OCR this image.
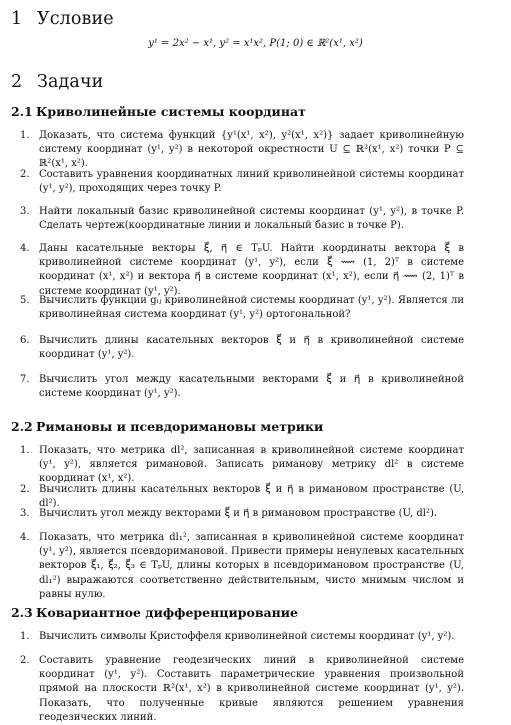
1 Условие
y¹ = 2x² − x¹, y² = x¹x², P(1; 0) ∈ ℝ²(x¹, x²)
2 Задачи
2.1 Криволинейные системы координат
1. Доказать, что система функций {y¹(x¹, x²), y²(x¹, x²)} задает криволинейную систему координат (y¹, y²) в некоторой окрестности U ⊆ ℝ²(x¹, x²) точки P ⊆ ℝ²(x¹, x²).
2. Составить уравнения координатных линий криволинейной системы координат (y¹, y²), проходящих через точку P.
3. Найти локальный базис криволинейной системы координат (y¹, y²), в точке P. Сделать чертеж(координатные линии и локальный базис в точке P).
4. Даны касательные векторы ξ⃗, η⃗ ∈ TₚU. Найти координаты вектора ξ⃗ в криволинейной системе координат (y¹, y²), если ξ⃗ ⟿ (1, 2)ᵀ в системе координат (x¹, x²) и вектора η⃗ в системе координат (x¹, x²), если η⃗ ⟿ (2, 1)ᵀ в системе координат (y¹, y²).
5. Вычислить функции gᵢⱼ криволинейной системы координат (y¹, y²). Является ли криволинейная система координат (y¹, y²) ортогональной?
6. Вычислить длины касательных векторов ξ⃗ и η⃗ в криволинейной системе координат (y¹, y²).
7. Вычислить угол между касательными векторами ξ⃗ и η⃗ в криволинейной системе координат (y¹, y²).
2.2 Римановы и псевдоримановы метрики
1. Показать, что метрика dl², записанная в криволинейной системе координат (y¹, y²), является римановой. Записать риманову метрику dl² в системе координат (x¹, x²).
2. Вычислить длины касательных векторов ξ⃗ и η⃗ в римановом пространстве (U, dl²).
3. Вычислить угол между векторами ξ⃗ и η⃗ в римановом пространстве (U, dl²).
4. Показать, что метрика dl₁², записанная в криволинейной системе координат (y¹, y²), является псевдоримановой. Привести примеры ненулевых касательных векторов ξ⃗₁, ξ⃗₂, ξ⃗₃ ∈ TₚU, длины которых в псевдоримановом пространстве (U, dl₁²) выражаются соответственно действительным, чисто мнимым числом и равны нулю.
2.3 Ковариантное дифференцирование
1. Вычислить символы Кристоффеля криволинейной системы координат (y¹, y²).
2. Составить уравнение геодезических линий в криволинейной системе координат (y¹, y²). Составить параметрические уравнения произвольной прямой на плоскости ℝ²(x¹, x²) в криволинейной системе координат (y¹, y²). Показать, что полученные кривые являются решением уравнения геодезических линий.
